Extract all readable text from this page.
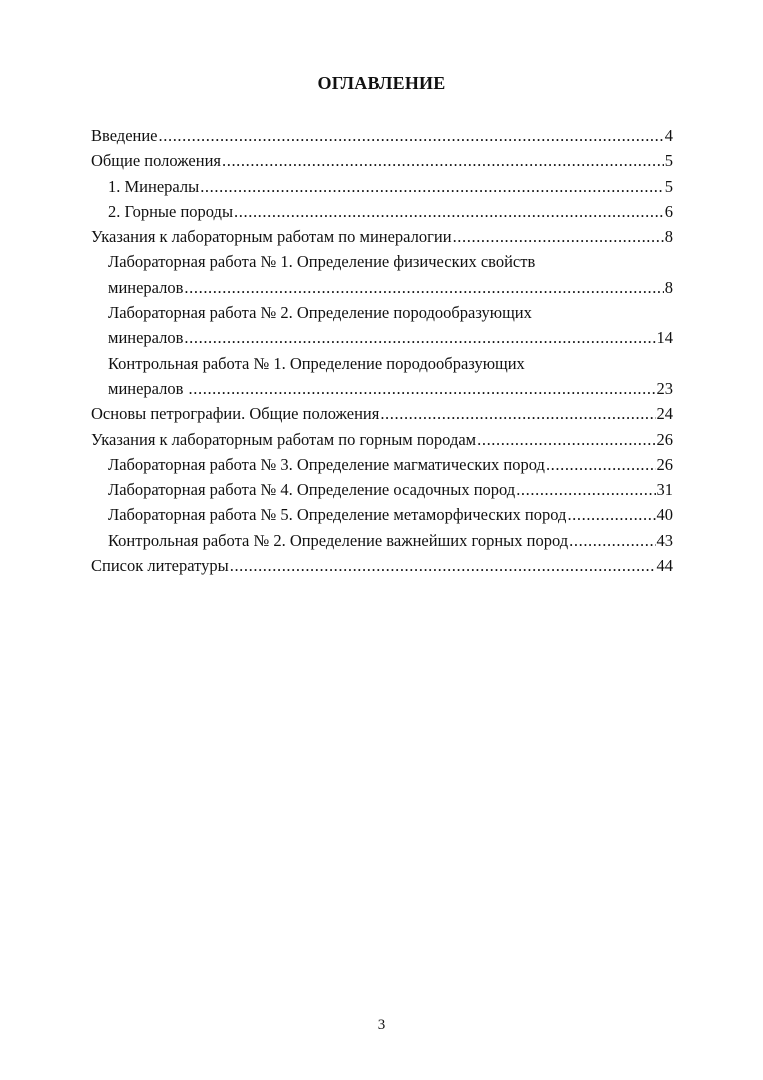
ОГЛАВЛЕНИЕ
Введение .....	4
Общие положения .....	5
1. Минералы .....	5
2. Горные породы .....	6
Указания к лабораторным работам по минералогии .....	8
Лабораторная работа № 1. Определение физических свойств
минералов .....	8
Лабораторная работа № 2. Определение породообразующих
минералов .....	14
Контрольная работа № 1. Определение породообразующих
минералов .....	23
Основы петрографии. Общие положения .....	24
Указания к лабораторным работам по горным породам .....	26
Лабораторная работа № 3. Определение магматических пород .....	26
Лабораторная работа № 4. Определение осадочных пород .....	31
Лабораторная работа № 5. Определение метаморфических пород .....	40
Контрольная работа № 2. Определение важнейших горных пород .....	43
Список литературы .....	44
3
